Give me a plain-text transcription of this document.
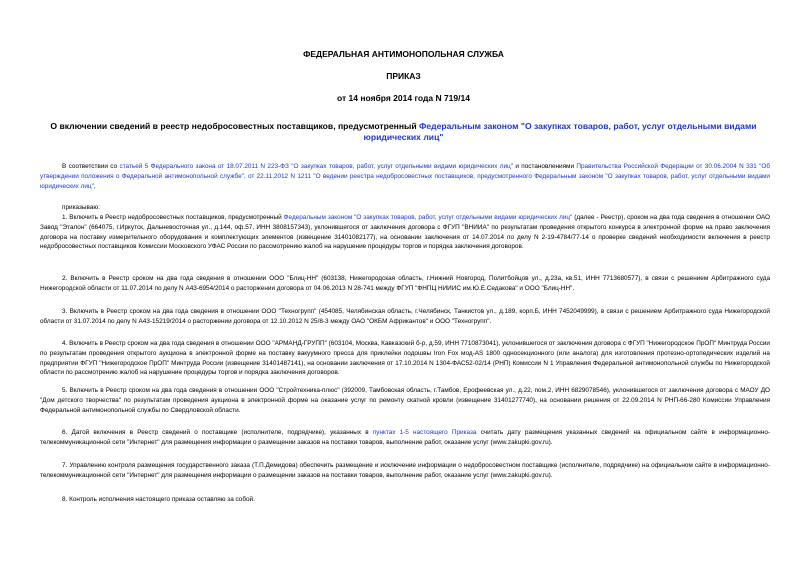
ФЕДЕРАЛЬНАЯ АНТИМОНОПОЛЬНАЯ СЛУЖБА
ПРИКАЗ
от 14 ноября 2014 года N 719/14
О включении сведений в реестр недобросовестных поставщиков, предусмотренный Федеральным законом "О закупках товаров, работ, услуг отдельными видами юридических лиц"
В соответствии со статьей 5 Федерального закона от 18.07.2011 N 223-ФЗ "О закупках товаров, работ, услуг отдельными видами юридических лиц" и постановлениями Правительства Российской Федерации от 30.06.2004 N 331 "Об утверждении положения о Федеральной антимонопольной службе", от 22.11.2012 N 1211 "О ведении реестра недобросовестных поставщиков, предусмотренного Федеральным законом "О закупках товаров, работ, услуг отдельными видами юридических лиц",
приказываю:
1. Включить в Реестр недобросовестных поставщиков, предусмотренный Федеральным законом "О закупках товаров, работ, услуг отдельными видами юридических лиц" (далее - Реестр), сроком на два года сведения в отношении ОАО Завод "Эталон" (664075, г.Иркутск, Дальневосточная ул., д.144, оф.57, ИНН 3808157343), уклонившегося от заключения договора с ФГУП "ВНИИА" по результатам проведения открытого конкурса в электронной форме на право заключения договора на поставку измерительного оборудования и комплектующих элементов (извещение 31401082177), на основании заключения от 14.07.2014 по делу N 2-19-4784/77-14 о проверке сведений необходимости включения в реестр недобросовестных поставщиков Комиссии Московского УФАС России по рассмотрению жалоб на нарушение процедуры торгов и порядка заключения договоров.
2. Включить в Реестр сроком на два года сведения в отношении ООО "Блиц-НН" (603138, Нижегородская область, г.Нижний Новгород, Политбойцов ул., д.23а, кв.51, ИНН 7713680577), в связи с решением Арбитражного суда Нижегородской области от 11.07.2014 по делу N А43-6954/2014 о расторжении договора от 04.06.2013 N 28-741 между ФГУП "ФНПЦ НИИИС им.Ю.Е.Седакова" и ООО "Блиц-НН".
3. Включить в Реестр сроком на два года сведения в отношении ООО "Техногрупп" (454085, Челябинская область, г.Челябинск, Танкистов ул., д.189, корп.Б, ИНН 7452049999), в связи с решением Арбитражного суда Нижегородской области от 31.07.2014 по делу N А43-15219/2014 о расторжении договора от 12.10.2012 N 25/8-3 между ОАО "ОКБМ Африкантов" и ООО "Техногрупп".
4. Включить в Реестр сроком на два года сведения в отношении ООО "АРМАНД-ГРУПП" (603104, Москва, Кавказский б-р, д.59, ИНН 7710873041), уклонившегося от заключения договора с ФГУП "Нижегородское ПрОП" Минтруда России по результатам проведения открытого аукциона в электронной форме на поставку вакуумного пресса для приклейки подошвы Iron Fox мод-AS 1800 односекционного (или аналога) для изготовления протезно-ортопедических изделий на предприятии ФГУП "Нижегородское ПрОП" Минтруда России (извещение 31401487141), на основании заключения от 17.10.2014 N 1304-ФАС52-02/14 (РНП) Комиссии N 1 Управления Федеральной антимонопольной службы по Нижегородской области по рассмотрению жалоб на нарушение процедуры торгов и порядка заключения договоров.
5. Включить в Реестр сроком на два года сведения в отношении ООО "Стройтехника-плюс" (392009, Тамбовская область, г.Тамбов, Ерофеевская ул., д.22, пом.2, ИНН 6829078546), уклонившегося от заключения договора с МАОУ ДО "Дом детского творчества" по результатам проведения аукциона в электронной форме на оказание услуг по ремонту скатной кровли (извещение 31401277740), на основании решения от 22.09.2014 N РНП-66-280 Комиссии Управления Федеральной антимонопольной службы по Свердловской области.
6. Датой включения в Реестр сведений о поставщике (исполнителе, подрядчике), указанных в пунктах 1-5 настоящего Приказа считать дату размещения указанных сведений на официальном сайте в информационно-телекоммуникационной сети "Интернет" для размещения информации о размещении заказов на поставки товаров, выполнение работ, оказание услуг (www.zakupki.gov.ru).
7. Управлению контроля размещения государственного заказа (Т.П.Демидова) обеспечить размещение и исключение информации о недобросовестном поставщике (исполнителе, подрядчике) на официальном сайте в информационно-телекоммуникационной сети "Интернет" для размещения информации о размещении заказов на поставки товаров, выполнение работ, оказание услуг (www.zakupki.gov.ru).
8. Контроль исполнения настоящего приказа оставляю за собой.
